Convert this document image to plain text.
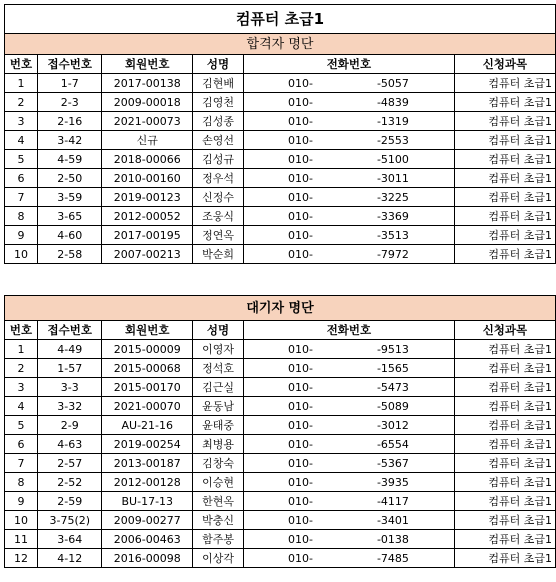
컴퓨터 초급1						
합격자 명단						
번호	접수번호	회원번호	성명	전화번호		신청과목
1	1-7	2017-00138	김현배	010-	-5057	컴퓨터 초급1
2	2-3	2009-00018	김영천	010-	-4839	컴퓨터 초급1
3	2-16	2021-00073	김성종	010-	-1319	컴퓨터 초급1
4	3-42	신규	손영선	010-	-2553	컴퓨터 초급1
5	4-59	2018-00066	김성규	010-	-5100	컴퓨터 초급1
6	2-50	2010-00160	정우석	010-	-3011	컴퓨터 초급1
7	3-59	2019-00123	신정수	010-	-3225	컴퓨터 초급1
8	3-65	2012-00052	조웅식	010-	-3369	컴퓨터 초급1
9	4-60	2017-00195	정연옥	010-	-3513	컴퓨터 초급1
10	2-58	2007-00213	박순희	010-	-7972	컴퓨터 초급1
대기자 명단						
번호	접수번호	회원번호	성명	전화번호		신청과목
1	4-49	2015-00009	이영자	010-	-9513	컴퓨터 초급1
2	1-57	2015-00068	정석호	010-	-1565	컴퓨터 초급1
3	3-3	2015-00170	김근실	010-	-5473	컴퓨터 초급1
4	3-32	2021-00070	윤동남	010-	-5089	컴퓨터 초급1
5	2-9	AU-21-16	윤태중	010-	-3012	컴퓨터 초급1
6	4-63	2019-00254	최병용	010-	-6554	컴퓨터 초급1
7	2-57	2013-00187	김창숙	010-	-5367	컴퓨터 초급1
8	2-52	2012-00128	이승현	010-	-3935	컴퓨터 초급1
9	2-59	BU-17-13	한현옥	010-	-4117	컴퓨터 초급1
10	3-75(2)	2009-00277	박충신	010-	-3401	컴퓨터 초급1
11	3-64	2006-00463	함주봉	010-	-0138	컴퓨터 초급1
12	4-12	2016-00098	이상각	010-	-7485	컴퓨터 초급1
